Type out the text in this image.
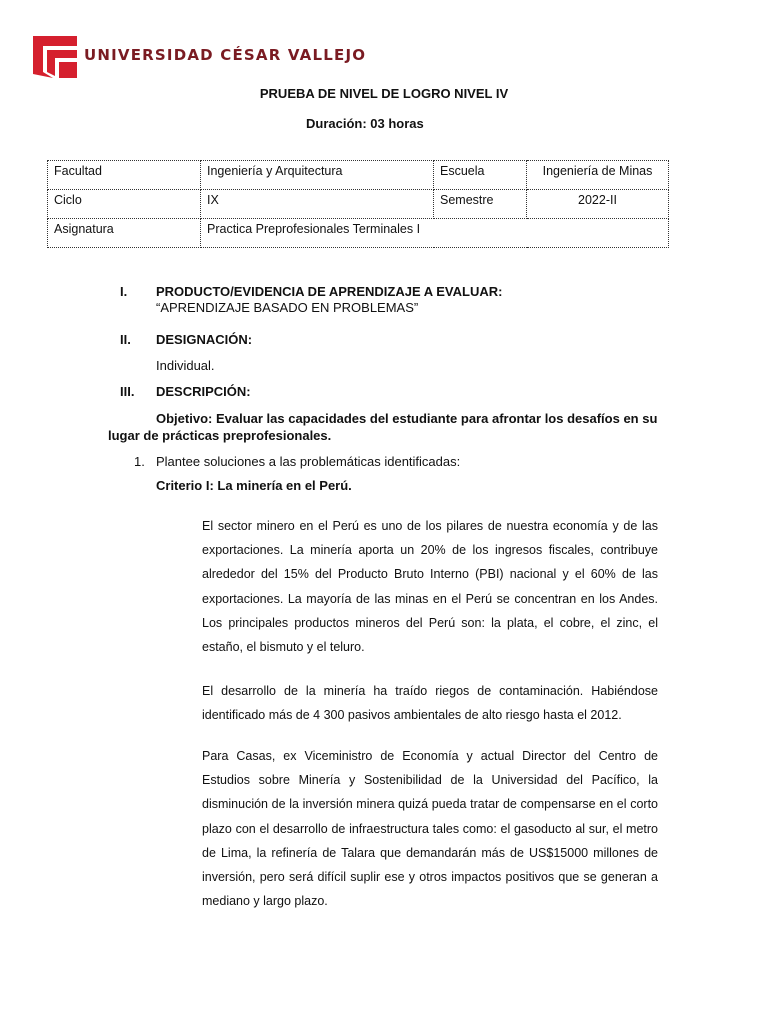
UNIVERSIDAD CÉSAR VALLEJO
PRUEBA DE NIVEL DE LOGRO NIVEL IV
Duración: 03 horas
Facultad	Ingeniería y Arquitectura	Escuela	Ingeniería de Minas
Ciclo	IX	Semestre	2022-II
Asignatura	Practica Preprofesionales Terminales I		
I. PRODUCTO/EVIDENCIA DE APRENDIZAJE A EVALUAR:
“APRENDIZAJE BASADO EN PROBLEMAS”
II. DESIGNACIÓN:
Individual.
III. DESCRIPCIÓN:
Objetivo: Evaluar las capacidades del estudiante para afrontar los desafíos en su lugar de prácticas preprofesionales.
1. Plantee soluciones a las problemáticas identificadas:
Criterio I: La minería en el Perú.

El sector minero en el Perú es uno de los pilares de nuestra economía y de las exportaciones. La minería aporta un 20% de los ingresos fiscales, contribuye alrededor del 15% del Producto Bruto Interno (PBI) nacional y el 60% de las exportaciones. La mayoría de las minas en el Perú se concentran en los Andes. Los principales productos mineros del Perú son: la plata, el cobre, el zinc, el estaño, el bismuto y el teluro.

El desarrollo de la minería ha traído riegos de contaminación. Habiéndose identificado más de 4 300 pasivos ambientales de alto riesgo hasta el 2012.

Para Casas, ex Viceministro de Economía y actual Director del Centro de Estudios sobre Minería y Sostenibilidad de la Universidad del Pacífico, la disminución de la inversión minera quizá pueda tratar de compensarse en el corto plazo con el desarrollo de infraestructura tales como: el gasoducto al sur, el metro de Lima, la refinería de Talara que demandarán más de US$15000 millones de inversión, pero será difícil suplir ese y otros impactos positivos que se generan a mediano y largo plazo.
